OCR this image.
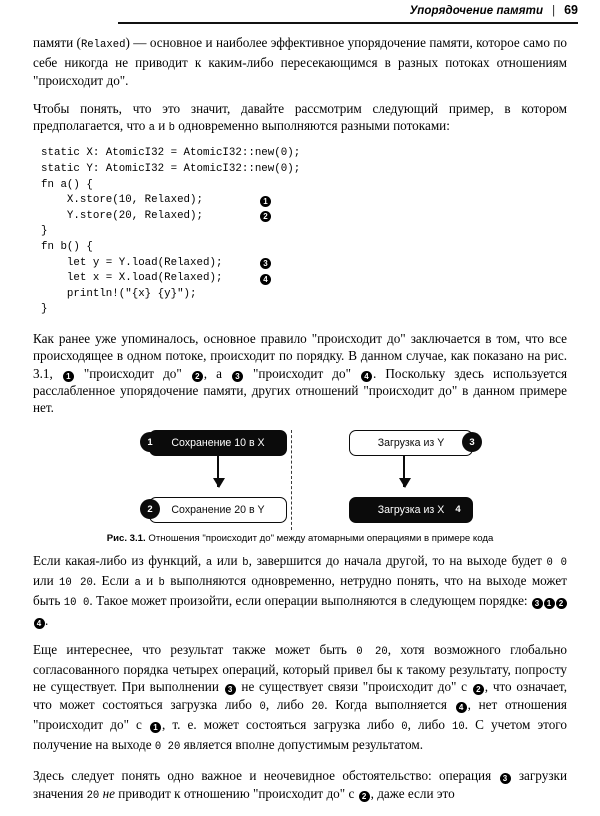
Упорядочение памяти | 69

памяти (Relaxed) — основное и наиболее эффективное упорядочение памяти, которое само по себе никогда не приводит к каким-либо пересекающимся в разных потоках отношениям "происходит до".

Чтобы понять, что это значит, давайте рассмотрим следующий пример, в котором предполагается, что a и b одновременно выполняются разными потоками:

static X: AtomicI32 = AtomicI32::new(0);
static Y: AtomicI32 = AtomicI32::new(0);
fn a() {
X.store(10, Relaxed);	1
Y.store(20, Relaxed);	2
}
fn b() {
let y = Y.load(Relaxed);	3
let x = X.load(Relaxed);	4
println!("{x} {y}");
}

Как ранее уже упоминалось, основное правило "происходит до" заключается в том, что все происходящее в одном потоке, происходит по порядку. В данном случае, как показано на рис. 3.1, 1 "происходит до" 2 , а 3 "происходит до" 4 . Поскольку здесь используется расслабленное упорядочение памяти, других отношений "происходит до" в данном примере нет.

Сохранение 10 в X
1
Сохранение 20 в Y
2
Загрузка из Y	3
Загрузка из X	4
Рис. 3.1. Отношения "происходит до" между атомарными операциями в примере кода

Если какая-либо из функций, a или b, завершится до начала другой, то на выходе будет 0 0 или 10 20. Если a и b выполняются одновременно, нетрудно понять, что на выходе может быть 10 0. Такое может произойти, если операции выполняются в следующем порядке: 3 1 24 .

Еще интереснее, что результат также может быть 0 20, хотя возможного глобально согласованного порядка четырех операций, который привел бы к такому результату, попросту не существует. При выполнении 3 не существует связи "происходит до" с 2 , что означает, что может состояться загрузка либо 0, либо 20. Когда выполняется 4 , нет отношения "происходит до" с 1 , т. е. может состояться загрузка либо 0, либо 10. С учетом этого получение на выходе 0 20 является вполне допустимым результатом.

Здесь следует понять одно важное и неочевидное обстоятельство: операция 3 загрузки значения 20 не приводит к отношению "происходит до" с 2 , даже если это
